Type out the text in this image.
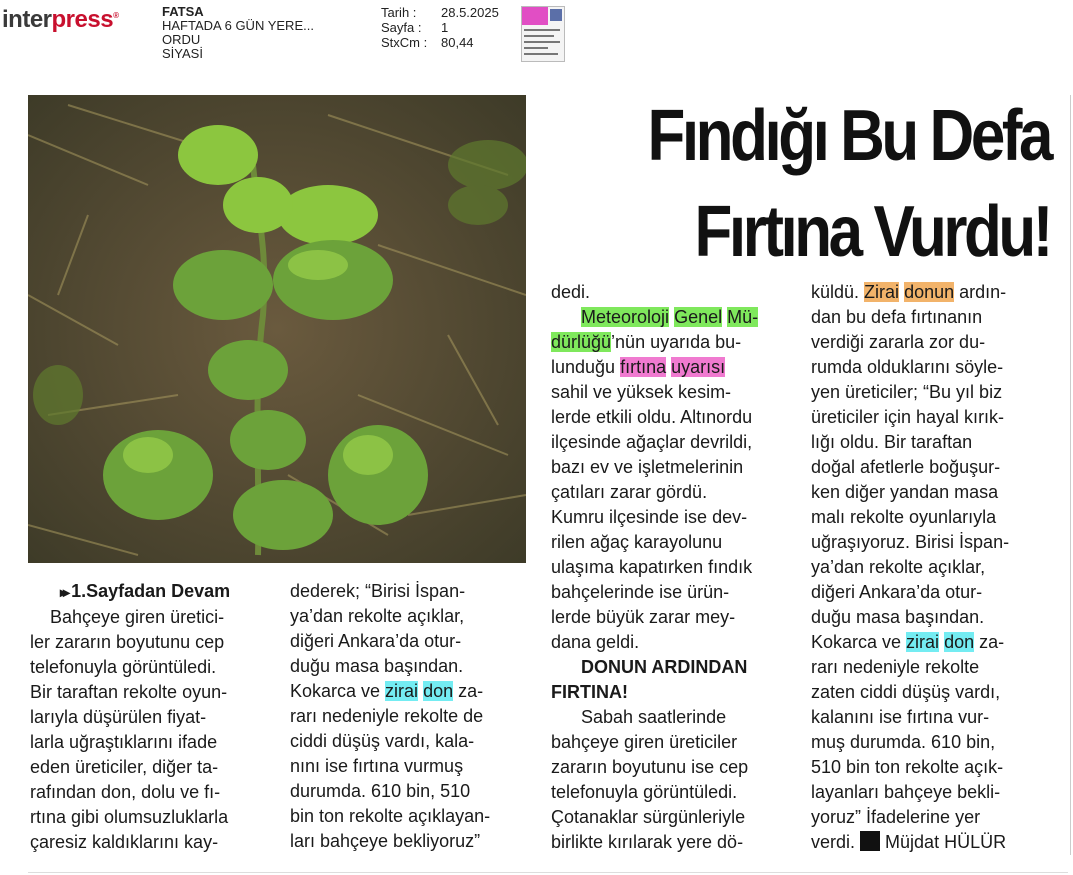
interpress®	FATSA
HAFTADA 6 GÜN YERE...
ORDU
SİYASİ
Tarih :	28.5.2025
Sayfa :	1
StxCm :	80,44
Fındığı Bu Defa
Fırtına Vurdu!

▸▸ 1.Sayfadan Devam

Bahçeye giren üretici-

ler zararın boyutunu cep

telefonuyla görüntüledi.

Bir taraftan rekolte oyun-

larıyla düşürülen fiyat-

larla uğraştıklarını ifade

eden üreticiler, diğer ta-

rafından don, dolu ve fı-

rtına gibi olumsuzluklarla

çaresiz kaldıklarını kay-

dederek; “Birisi İspan-

ya’dan rekolte açıklar,

diğeri Ankara’da otur-

duğu masa başından.

Kokarca ve zirai don za-

rarı nedeniyle rekolte de

ciddi düşüş vardı, kala-

nını ise fırtına vurmuş

durumda. 610 bin, 510

bin ton rekolte açıklayan-

ları bahçeye bekliyoruz”

dedi.

Meteoroloji Genel Mü-

dürlüğü’nün uyarıda bu-

lunduğu fırtına uyarısı

sahil ve yüksek kesim-

lerde etkili oldu. Altınordu

ilçesinde ağaçlar devrildi,

bazı ev ve işletmelerinin

çatıları zarar gördü.

Kumru ilçesinde ise dev-

rilen ağaç karayolunu

ulaşıma kapatırken fındık

bahçelerinde ise ürün-

lerde büyük zarar mey-

dana geldi.

DONUN ARDINDAN

FIRTINA!

Sabah saatlerinde

bahçeye giren üreticiler

zararın boyutunu ise cep

telefonuyla görüntüledi.

Çotanaklar sürgünleriyle

birlikte kırılarak yere dö-

küldü. Zirai donun ardın-

dan bu defa fırtınanın

verdiği zararla zor du-

rumda olduklarını söyle-

yen üreticiler; “Bu yıl biz

üreticiler için hayal kırık-

lığı oldu. Bir taraftan

doğal afetlerle boğuşur-

ken diğer yandan masa

malı rekolte oyunlarıyla

uğraşıyoruz. Birisi İspan-

ya’dan rekolte açıklar,

diğeri Ankara’da otur-

duğu masa başından.

Kokarca ve zirai don za-

rarı nedeniyle rekolte

zaten ciddi düşüş vardı,

kalanını ise fırtına vur-

muş durumda. 610 bin,

510 bin ton rekolte açık-

layanları bahçeye bekli-

yoruz” İfadelerine yer

verdi.  Müjdat HÜLÜR
